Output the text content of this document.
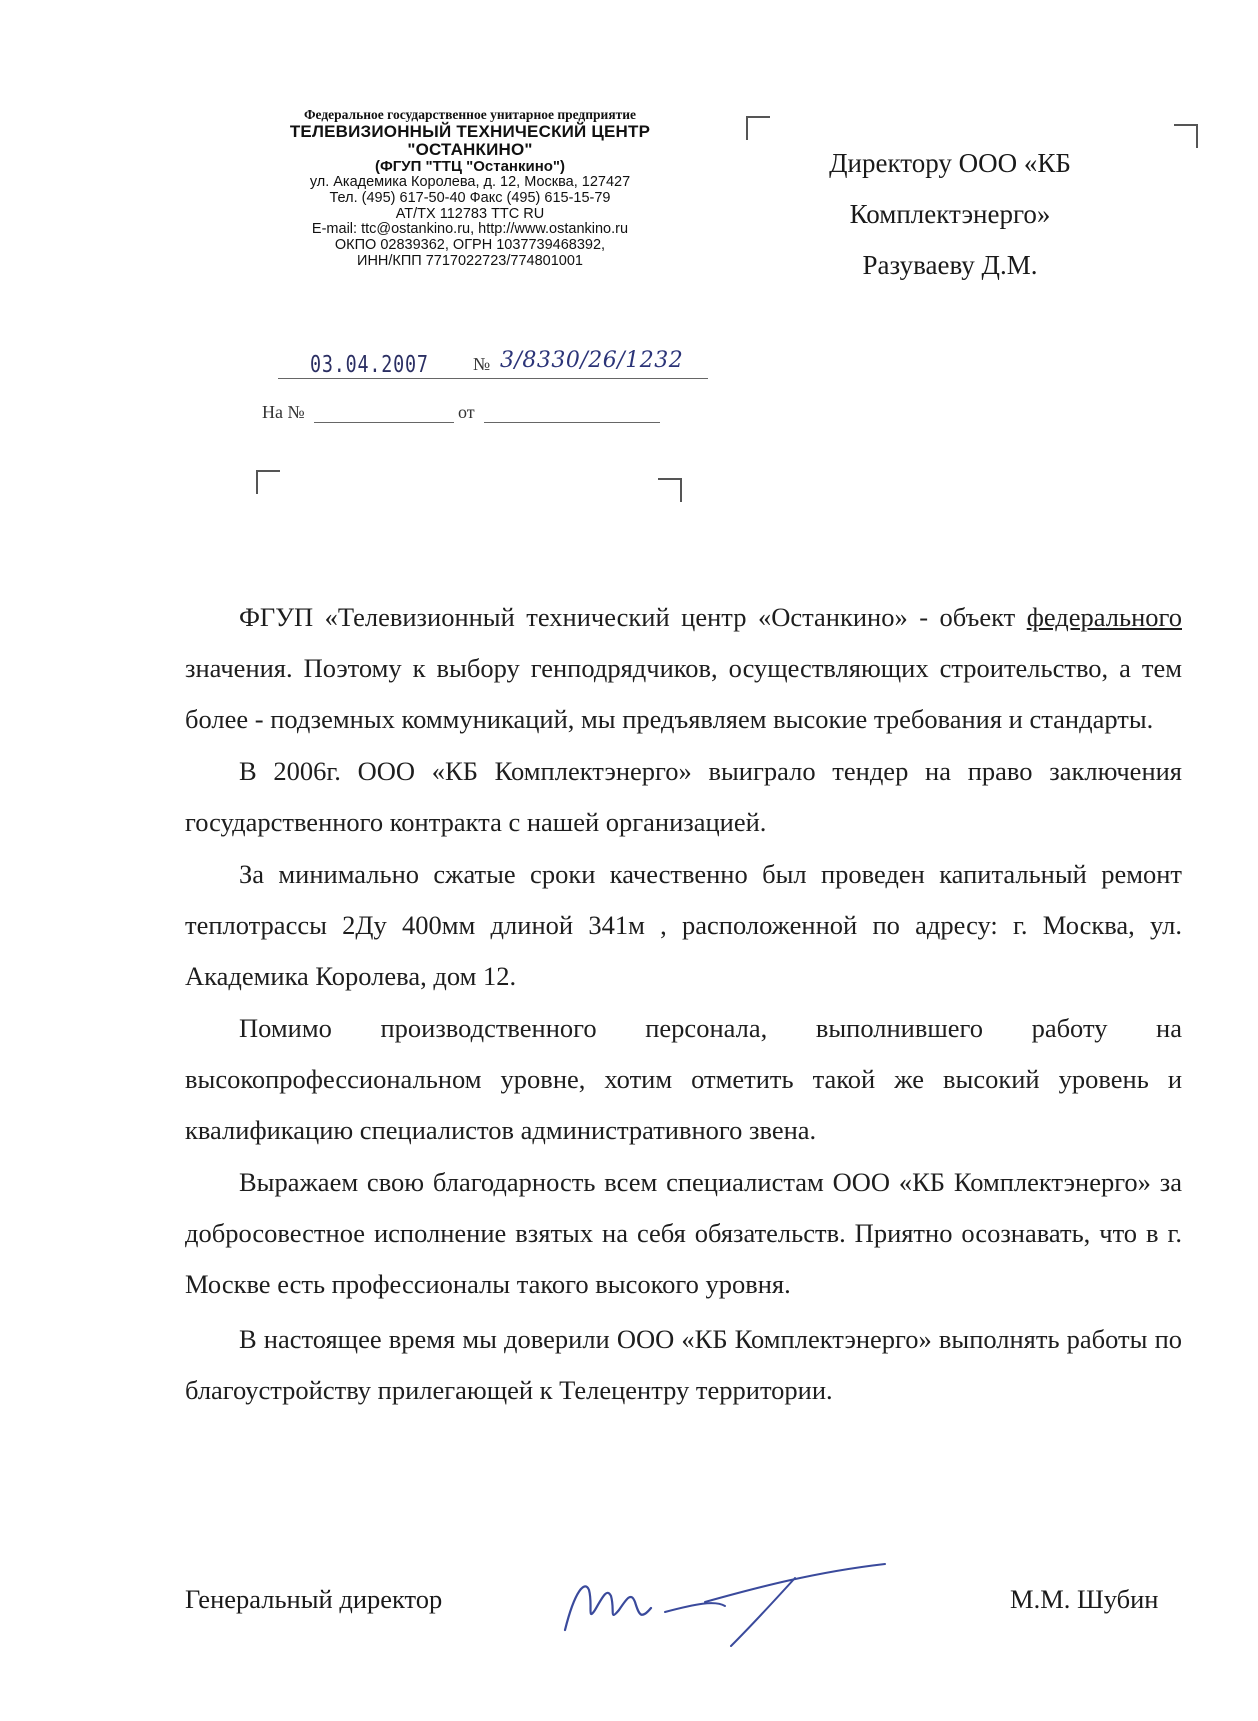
Федеральное государственное унитарное предприятие
ТЕЛЕВИЗИОННЫЙ ТЕХНИЧЕСКИЙ ЦЕНТР
"ОСТАНКИНО"
(ФГУП "ТТЦ "Останкино")
ул. Академика Королева, д. 12, Москва, 127427
Тел. (495) 617-50-40 Факс (495) 615-15-79
АТ/ТХ 112783 ТТС RU
E-mail: ttc@ostankino.ru, http://www.ostankino.ru
ОКПО 02839362, ОГРН 1037739468392,
ИНН/КПП 7717022723/774801001
Директору ООО «КБ
Комплектэнерго»
Разуваеву Д.М.
03.04.2007 № 3/8330/26/1232
На №	от

ФГУП «Телевизионный технический центр «Останкино» - объект федерального значения. Поэтому к выбору генподрядчиков, осуществляющих строительство, а тем более - подземных коммуникаций, мы предъявляем высокие требования и стандарты.

В 2006г. ООО «КБ Комплектэнерго» выиграло тендер на право заключения государственного контракта с нашей организацией.

За минимально сжатые сроки качественно был проведен капитальный ремонт теплотрассы 2Ду 400мм длиной 341м , расположенной по адресу: г. Москва, ул. Академика Королева, дом 12.

Помимо производственного персонала, выполнившего работу на высокопрофессиональном уровне, хотим отметить такой же высокий уровень и квалификацию специалистов административного звена.

Выражаем свою благодарность всем специалистам ООО «КБ Комплектэнерго» за добросовестное исполнение взятых на себя обязательств. Приятно осознавать, что в г. Москве есть профессионалы такого высокого уровня.

В настоящее время мы доверили ООО «КБ Комплектэнерго» выполнять работы по благоустройству прилегающей к Телецентру территории.

Генеральный директор	М.М. Шубин
